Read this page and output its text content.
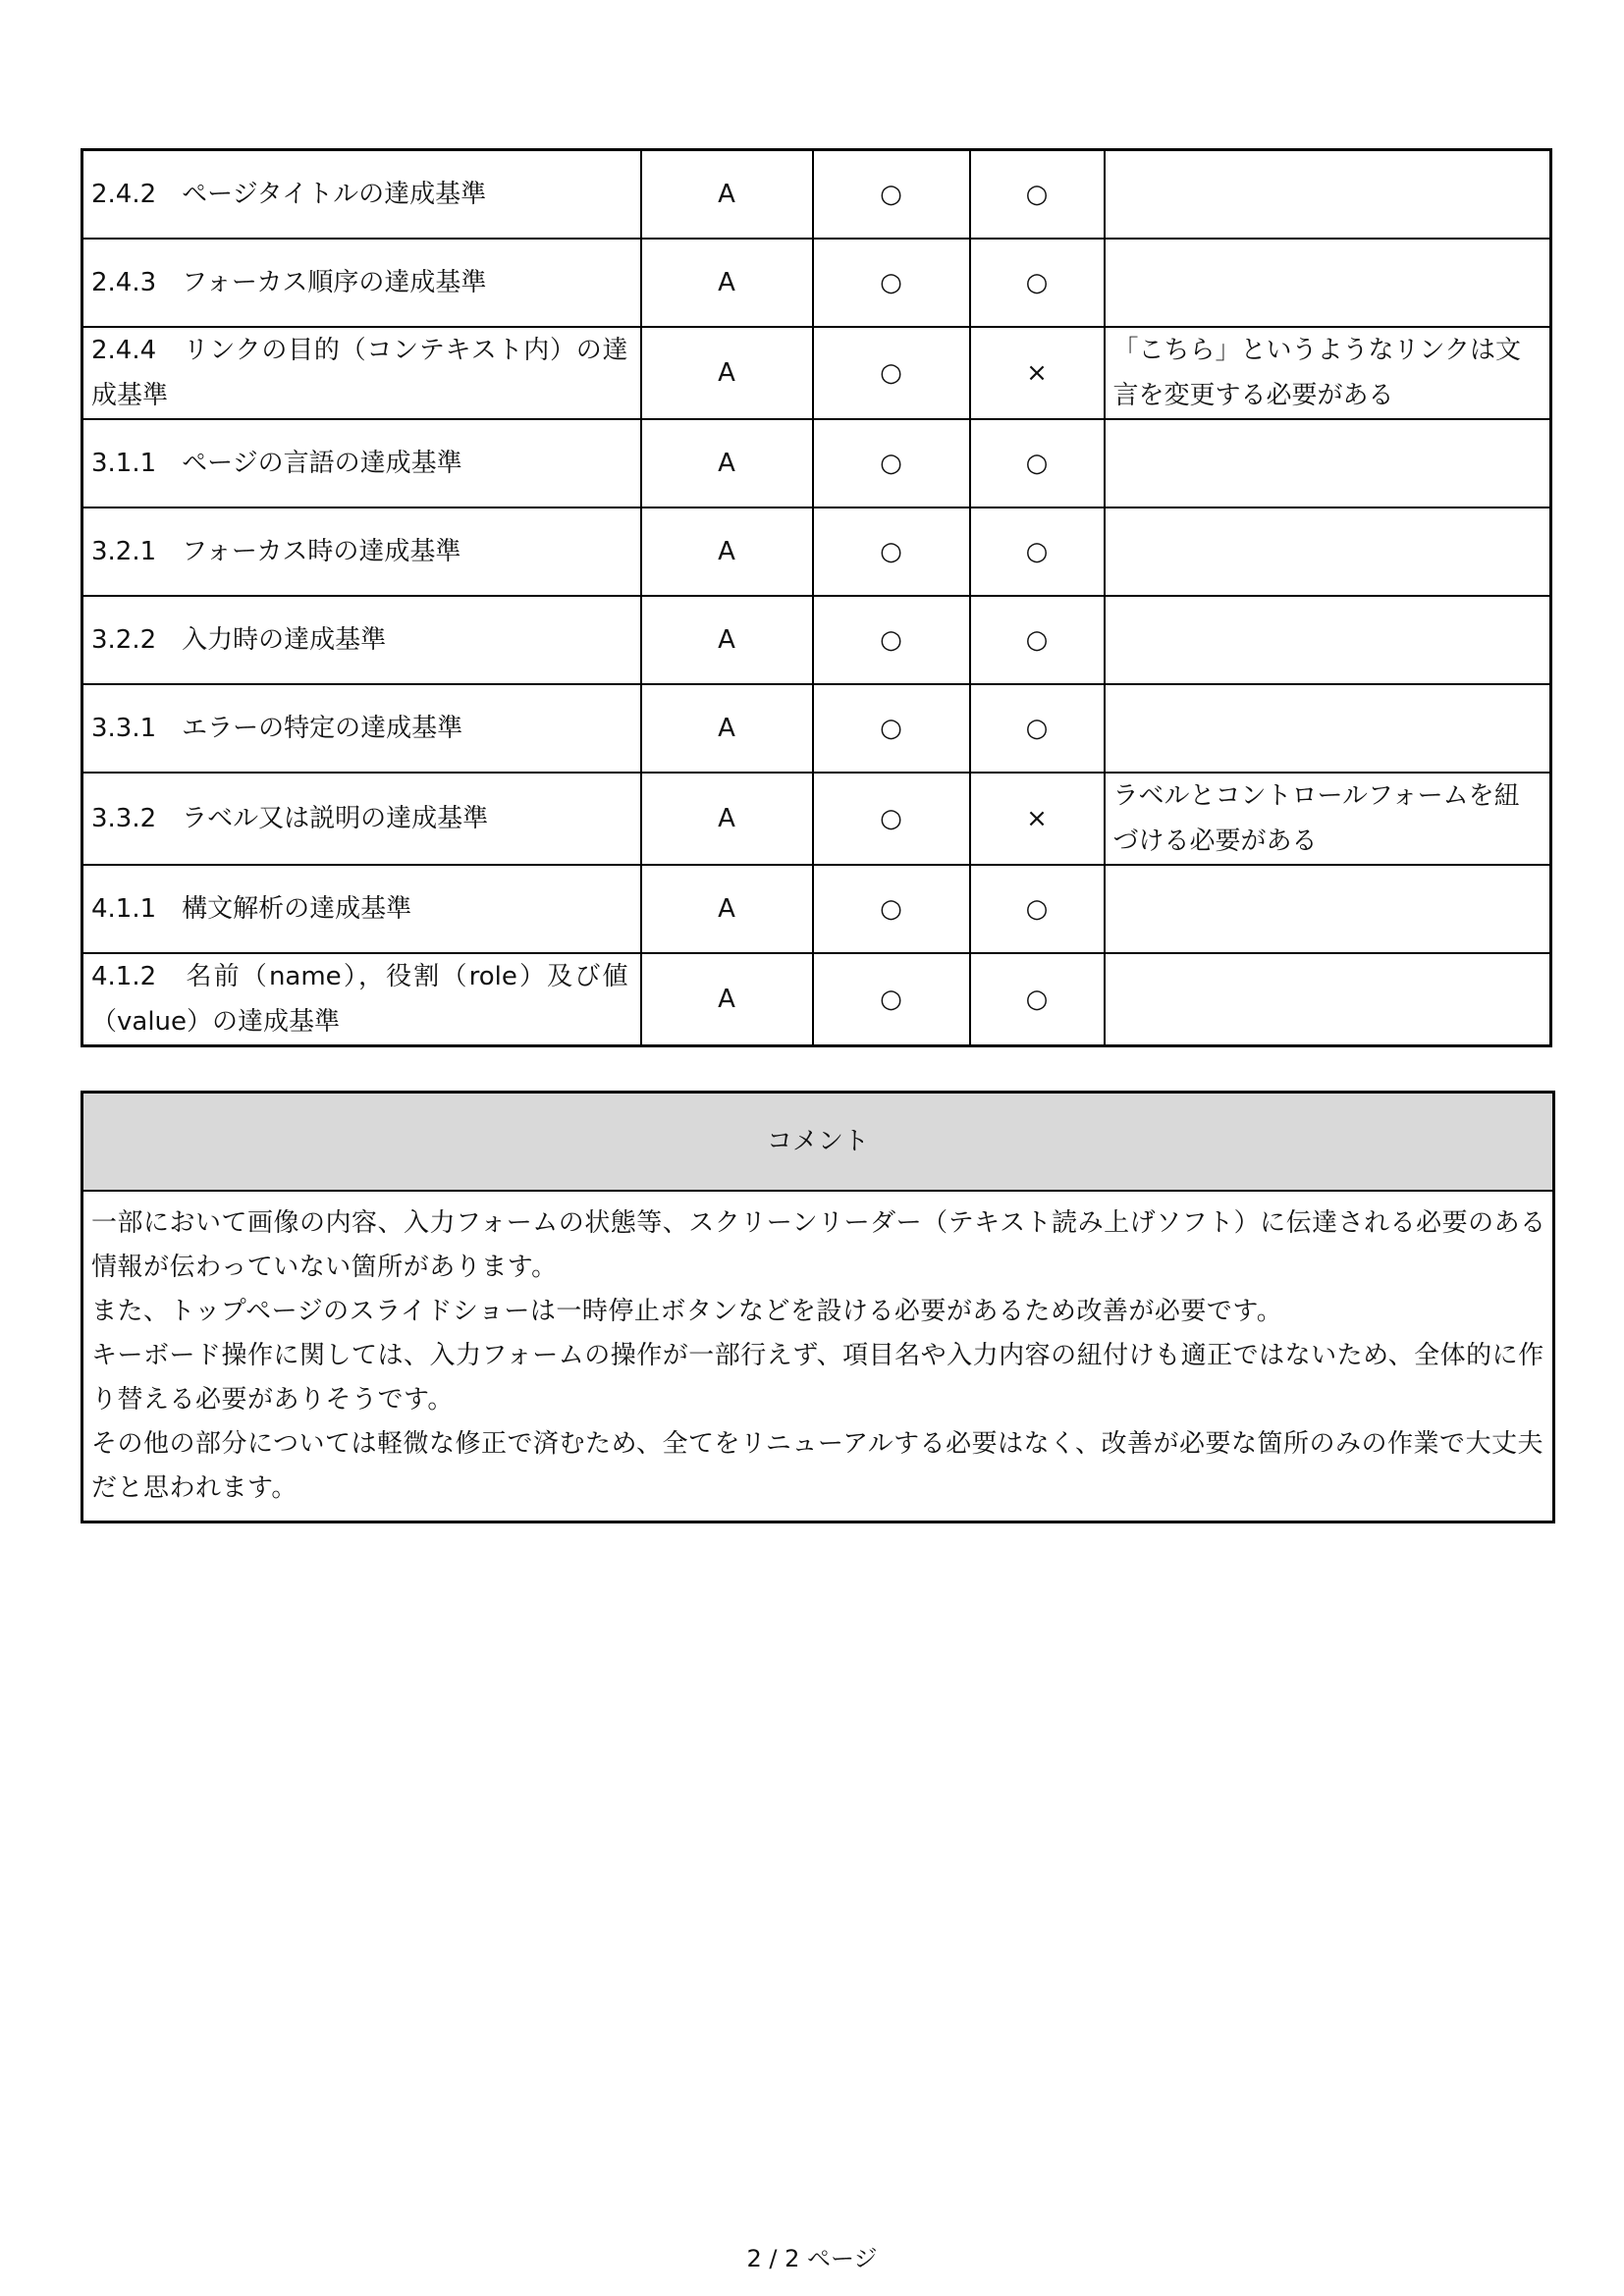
2.4.2　ページタイトルの達成基準	A	○	○	
2.4.3　フォーカス順序の達成基準	A	○	○	
2.4.4　リンクの目的（コンテキスト内）の達成基準	A	○	×	「こちら」というようなリンクは文言を変更する必要がある
3.1.1　ページの言語の達成基準	A	○	○	
3.2.1　フォーカス時の達成基準	A	○	○	
3.2.2　入力時の達成基準	A	○	○	
3.3.1　エラーの特定の達成基準	A	○	○	
3.3.2　ラベル又は説明の達成基準	A	○	×	ラベルとコントロールフォームを紐づける必要がある
4.1.1　構文解析の達成基準	A	○	○	
4.1.2　名前（name），役割（role）及び値（value）の達成基準	A	○	○	
コメント
一部において画像の内容、入力フォームの状態等、スクリーンリーダー（テキスト読み上げソフト）に伝達される必要のある情報が伝わっていない箇所があります。
また、トップページのスライドショーは一時停止ボタンなどを設ける必要があるため改善が必要です。
キーボード操作に関しては、入力フォームの操作が一部行えず、項目名や入力内容の紐付けも適正ではないため、全体的に作り替える必要がありそうです。
その他の部分については軽微な修正で済むため、全てをリニューアルする必要はなく、改善が必要な箇所のみの作業で大丈夫だと思われます。
2 / 2 ページ
